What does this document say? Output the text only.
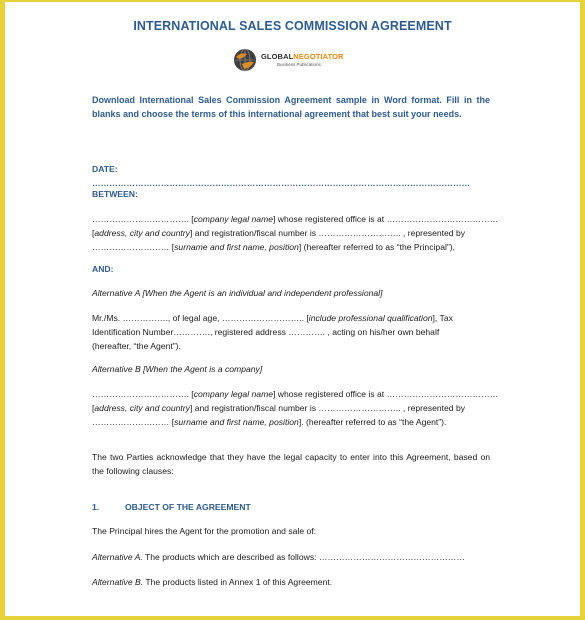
INTERNATIONAL SALES COMMISSION AGREEMENT
GLOBALNEGOTIATOR
Business Publications
Download International Sales Commission Agreement sample in Word format. Fill in the blanks and choose the terms of this international agreement that best suit your needs.
DATE: ……………………………………………………………………………………………………………………
BETWEEN:
……………………………. [company legal name] whose registered office is at …………………………………
[address, city and country] and registration/fiscal number is ……………………….. , represented by
……………………… [surname and first name, position] (hereafter referred to as “the Principal”),
AND:
Alternative A [When the Agent is an individual and independent professional]
Mr./Ms. ……………., of legal age, ……………………….. [include professional qualification], Tax
Identification Number…………., registered address …………. , acting on his/her own behalf
(hereafter, “the Agent”).
Alternative B [When the Agent is a company]
……………………………. [company legal name] whose registered office is at …………………………………
[address, city and country] and registration/fiscal number is ……………………….. , represented by
……………………… [surname and first name, position]. (hereafter referred to as “the Agent”).
The two Parties acknowledge that they have the legal capacity to enter into this Agreement, based on the following clauses:
1.	OBJECT OF THE AGREEMENT
The Principal hires the Agent for the promotion and sale of:
Alternative A. The products which are described as follows: ……………………………………………
Alternative B. The products listed in Annex 1 of this Agreement.
